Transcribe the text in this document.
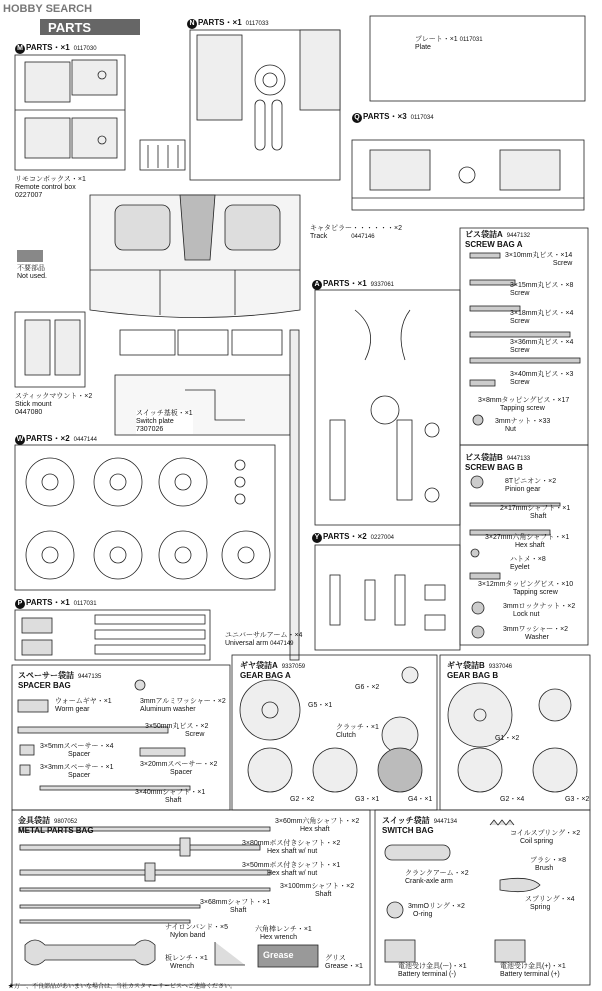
HOBBY SEARCH
PARTS
M PARTS・×1 0117030
N PARTS・×1 0117033
Q PARTS・×3 0117034
A PARTS・×1 9337061
W PARTS・×2 0447144
Y PARTS・×2 0227004
P PARTS・×1 0117031
プレート・×1 0117031
Plate
リモコンボックス・×1
Remote control box
0227007
不要部品
Not used.
キャタピラー・・・・・・×2
Track	0447146
スティックマウント・×2
Stick mount
0447080	スイッチ基板・×1
Switch plate
7307026
ユニバーサルアーム・×4
Universal arm 0447149
ビス袋詰A 9447132
SCREW BAG A
3×10mm丸ビス・×14
Screw
3×15mm丸ビス・×8
Screw
3×18mm丸ビス・×4
Screw
3×36mm丸ビス・×4
Screw
3×40mm丸ビス・×3
Screw
3×8mmタッピングビス・×17
Tapping screw
3mmナット・×33
Nut
ビス袋詰B 9447133
SCREW BAG B
8Tピニオン・×2
Pinion gear
2×17mmシャフト・×1
Shaft
3×27mm六角シャフト・×1
Hex shaft
ハトメ・×8
Eyelet
3×12mmタッピングビス・×10
Tapping screw
3mmロックナット・×2
Lock nut
3mmワッシャー・×2
Washer
スペーサー袋詰 9447135
SPACER BAG
ウォームギヤ・×1
Worm gear
3mmアルミワッシャー・×2
Aluminum washer
3×50mm丸ビス・×2
Screw
3×5mmスペーサー・×4
Spacer
3×20mmスペーサー・×2
Spacer
3×3mmスペーサー・×1
Spacer
3×40mmシャフト・×1
Shaft
ギヤ袋詰A 9337059
GEAR BAG A
G5・×1
G6・×2
クラッチ・×1
Clutch
G2・×2	G3・×1	G4・×1
ギヤ袋詰B 9337046
GEAR BAG B
G1・×2
G2・×4	G3・×2
金具袋詰 9807052
METAL PARTS BAG
3×60mm六角シャフト・×2
Hex shaft
3×80mmボス付きシャフト・×2
Hex shaft w/ nut
3×50mmボス付きシャフト・×1
Hex shaft w/ nut
3×100mmシャフト・×2
Shaft
3×68mmシャフト・×1
Shaft
ナイロンバンド・×5
Nylon band
六角棒レンチ・×1
Hex wrench
板レンチ・×1
Wrench
グリス
Grease・×1
Grease
スイッチ袋詰 9447134
SWITCH BAG	コイルスプリング・×2
Coil spring
ブラシ・×8
Brush
クランクアーム・×2
Crank-axle arm
スプリング・×4
Spring
3mmOリング・×2
O-ring
電池受け金具(ー)・×1
Battery terminal (-)
電池受け金具(+)・×1
Battery terminal (+)
★万一、不良部品があいまいな場合は、当社カスタマーサービスへご連絡ください。
